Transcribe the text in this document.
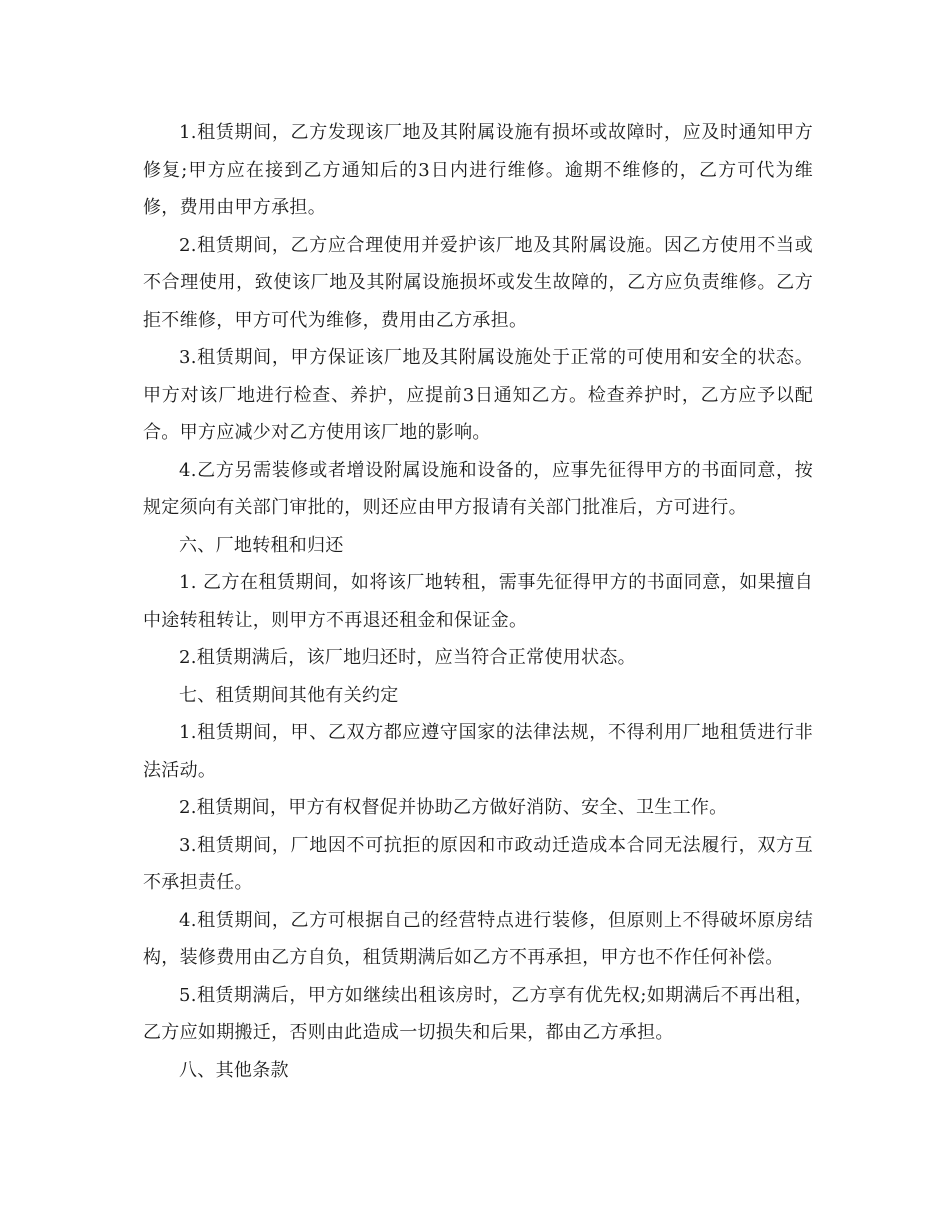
1.租赁期间，乙方发现该厂地及其附属设施有损坏或故障时，应及时通知甲方修复;甲方应在接到乙方通知后的3日内进行维修。逾期不维修的，乙方可代为维修，费用由甲方承担。

2.租赁期间，乙方应合理使用并爱护该厂地及其附属设施。因乙方使用不当或不合理使用，致使该厂地及其附属设施损坏或发生故障的，乙方应负责维修。乙方拒不维修，甲方可代为维修，费用由乙方承担。

3.租赁期间，甲方保证该厂地及其附属设施处于正常的可使用和安全的状态。甲方对该厂地进行检查、养护，应提前3日通知乙方。检查养护时，乙方应予以配合。甲方应减少对乙方使用该厂地的影响。

4.乙方另需装修或者增设附属设施和设备的，应事先征得甲方的书面同意，按规定须向有关部门审批的，则还应由甲方报请有关部门批准后，方可进行。

六、厂地转租和归还

1. 乙方在租赁期间，如将该厂地转租，需事先征得甲方的书面同意，如果擅自中途转租转让，则甲方不再退还租金和保证金。

2.租赁期满后，该厂地归还时，应当符合正常使用状态。

七、租赁期间其他有关约定

1.租赁期间，甲、乙双方都应遵守国家的法律法规，不得利用厂地租赁进行非法活动。

2.租赁期间，甲方有权督促并协助乙方做好消防、安全、卫生工作。

3.租赁期间，厂地因不可抗拒的原因和市政动迁造成本合同无法履行，双方互不承担责任。

4.租赁期间，乙方可根据自己的经营特点进行装修，但原则上不得破坏原房结构，装修费用由乙方自负，租赁期满后如乙方不再承担，甲方也不作任何补偿。

5.租赁期满后，甲方如继续出租该房时，乙方享有优先权;如期满后不再出租，乙方应如期搬迁，否则由此造成一切损失和后果，都由乙方承担。

八、其他条款
